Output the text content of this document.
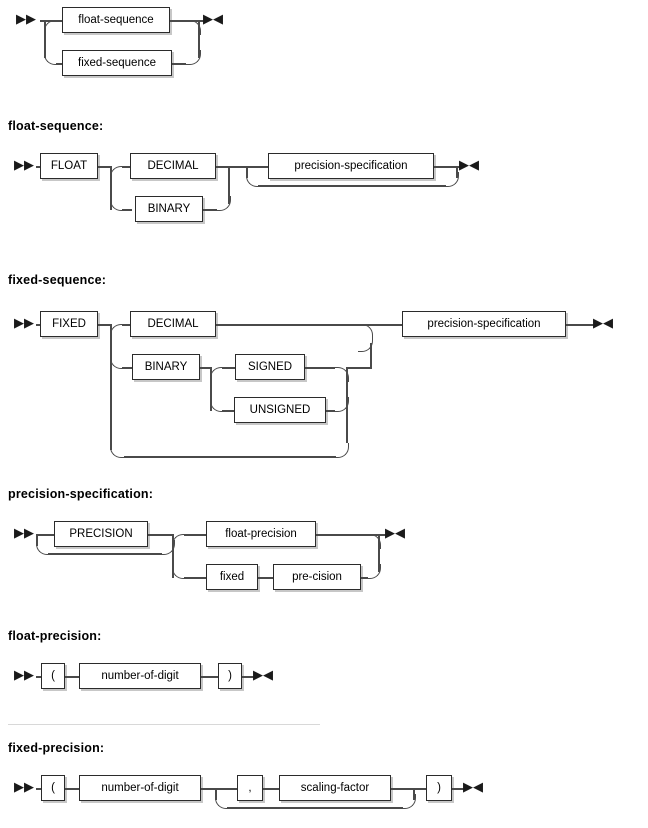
▶▶	float-sequence
fixed-sequence
▶◀
float-sequence:
▶▶	FLOAT	DECIMAL
BINARY
precision-specification	▶◀
fixed-sequence:
▶▶	FIXED	DECIMAL
BINARY	SIGNED
UNSIGNED
precision-specification	▶◀
precision-specification:
▶▶	PRECISION	float-precision
fixed	pre-cision
▶◀
float-precision:
▶▶	(	number-of-digit	)	▶◀
fixed-precision:
▶▶	(	number-of-digit	,	scaling-factor	)	▶◀
